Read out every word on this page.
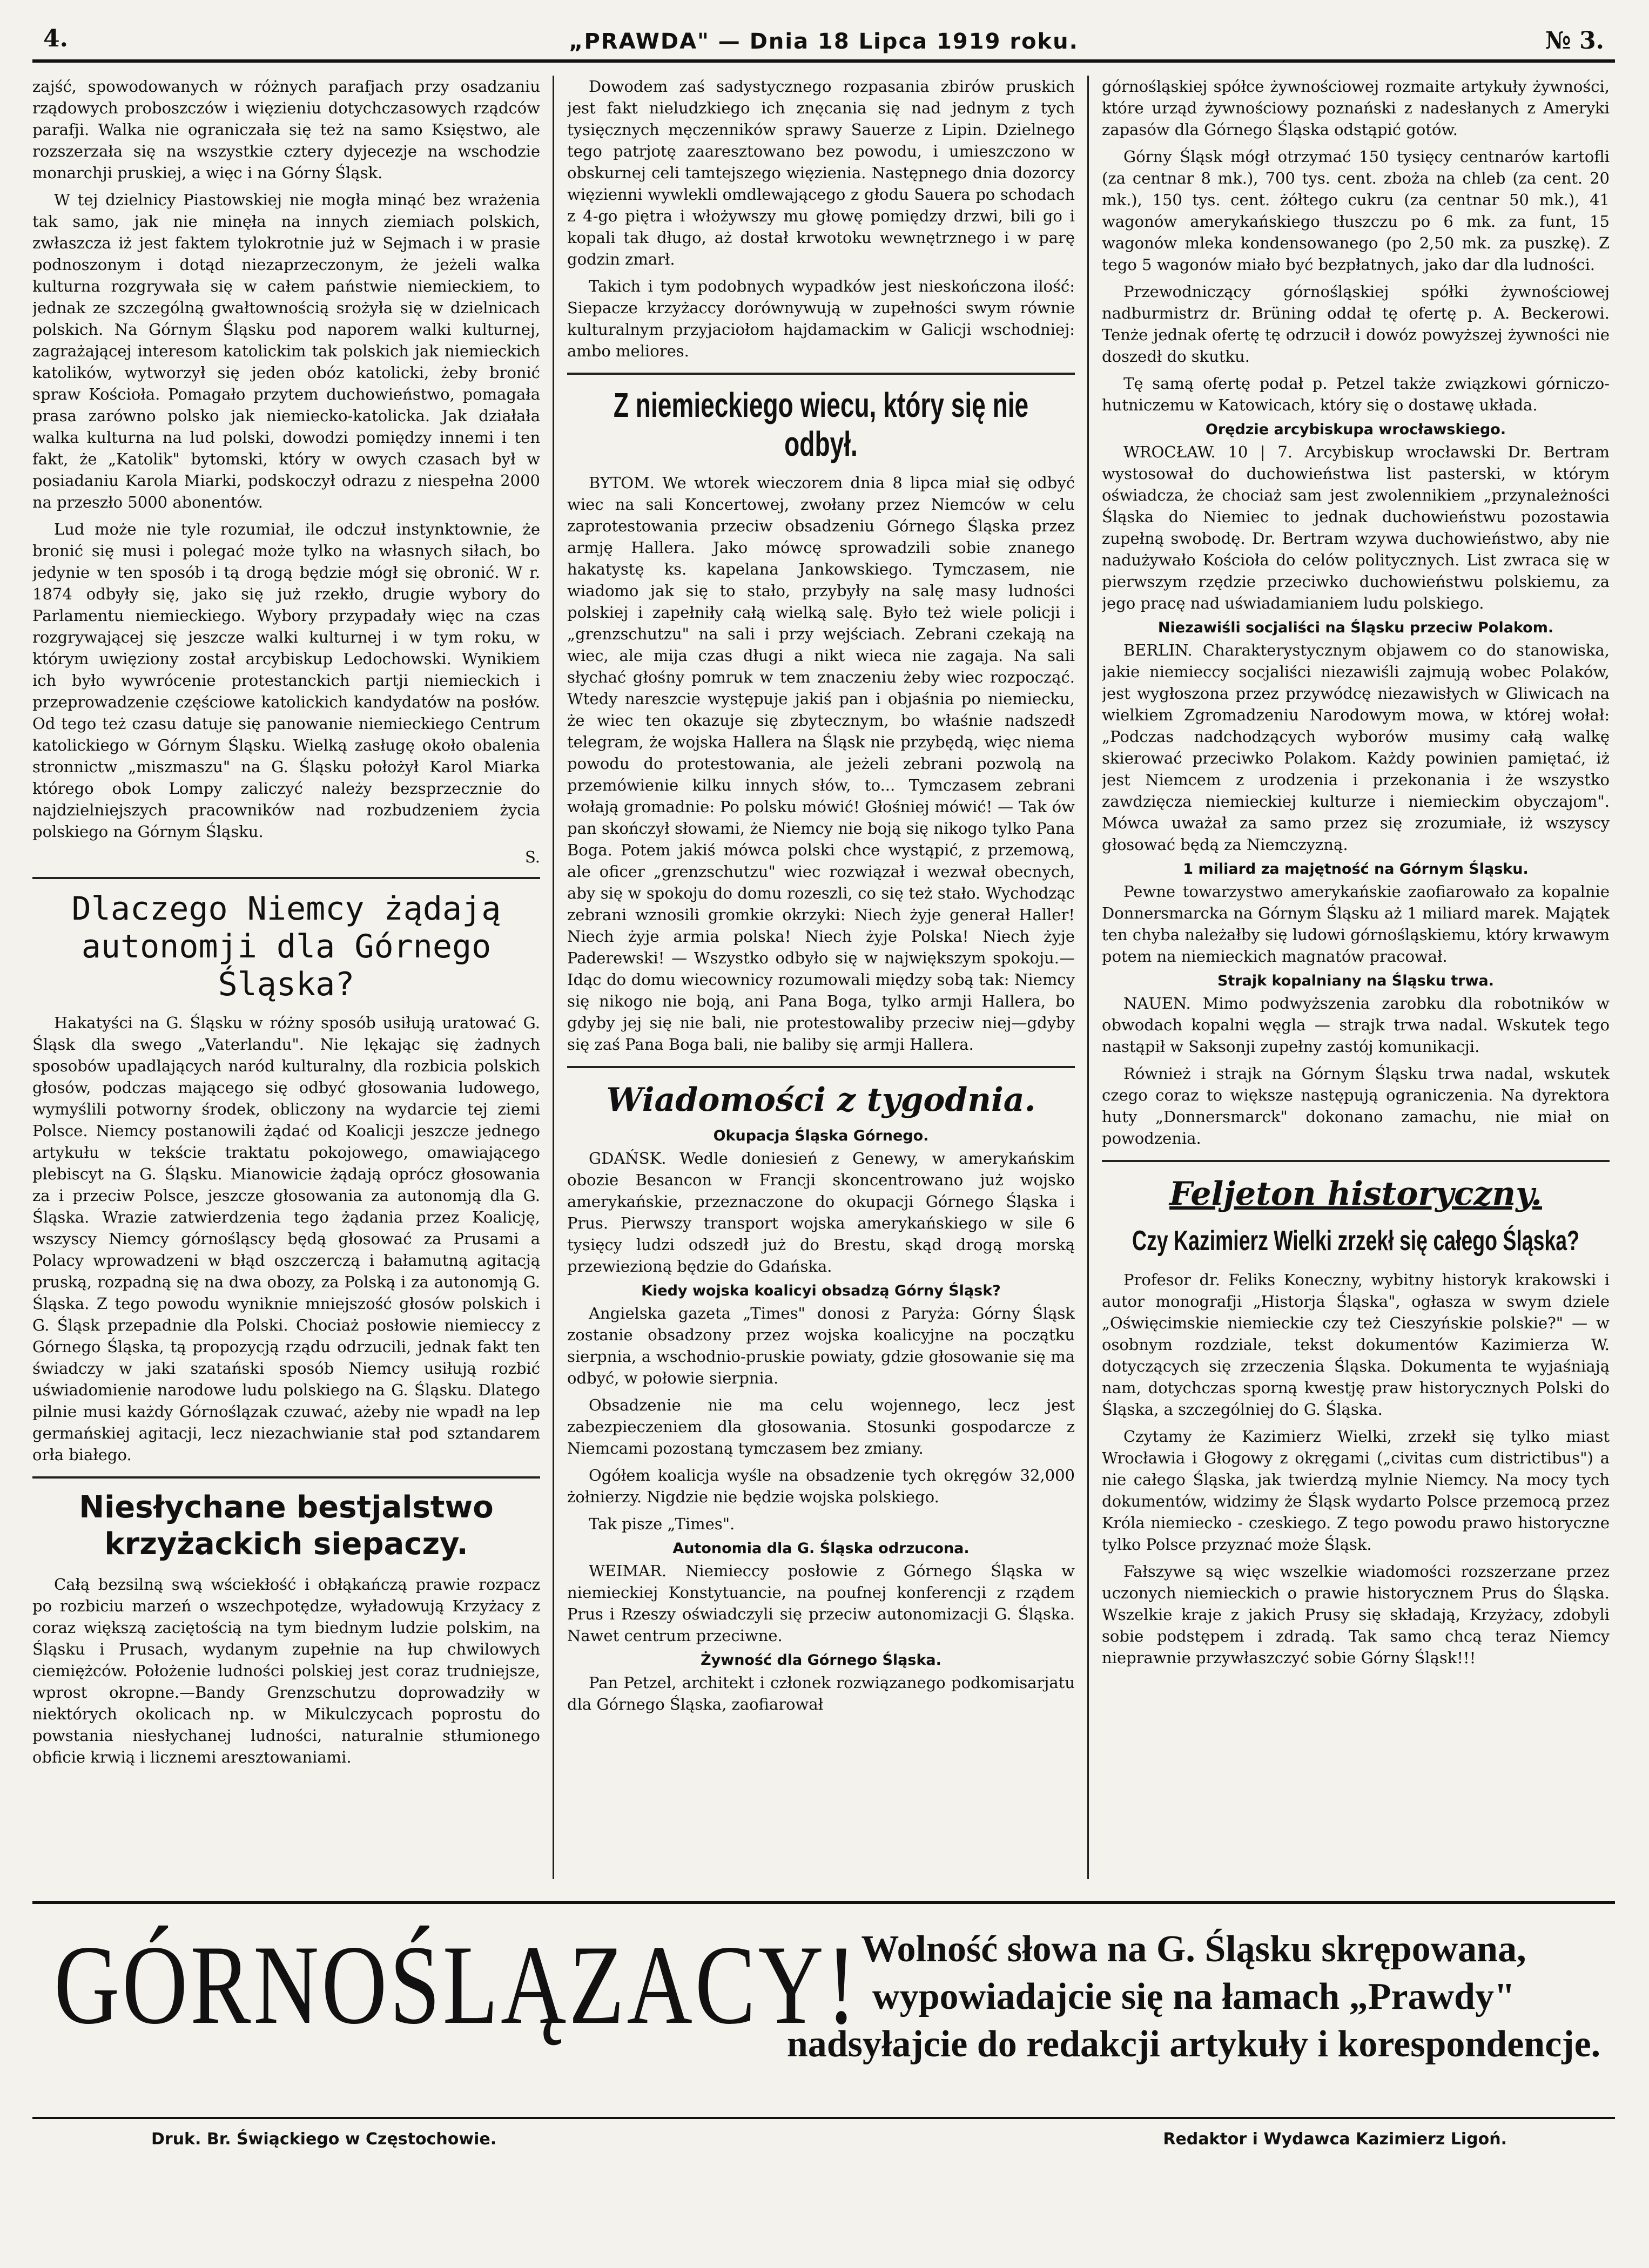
4.	„PRAWDA" — Dnia 18 Lipca 1919 roku.	№ 3.

zajść, spowodowanych w różnych parafjach przy osadzaniu rządowych proboszczów i więzieniu dotychczasowych rządców parafji. Walka nie ograniczała się też na samo Księstwo, ale rozszerzała się na wszystkie cztery dyjecezje na wschodzie monarchji pruskiej, a więc i na Górny Śląsk.

W tej dzielnicy Piastowskiej nie mogła minąć bez wrażenia tak samo, jak nie minęła na innych ziemiach polskich, zwłaszcza iż jest faktem tylokrotnie już w Sejmach i w prasie podnoszonym i dotąd niezaprzeczonym, że jeżeli walka kulturna rozgrywała się w całem państwie niemieckiem, to jednak ze szczególną gwałtownością srożyła się w dzielnicach polskich. Na Górnym Śląsku pod naporem walki kulturnej, zagrażającej interesom katolickim tak polskich jak niemieckich katolików, wytworzył się jeden obóz katolicki, żeby bronić spraw Kościoła. Pomagało przytem duchowieństwo, pomagała prasa zarówno polsko jak niemiecko-katolicka. Jak działała walka kulturna na lud polski, dowodzi pomiędzy innemi i ten fakt, że „Katolik" bytomski, który w owych czasach był w posiadaniu Karola Miarki, podskoczył odrazu z niespełna 2000 na przeszło 5000 abonentów.

Lud może nie tyle rozumiał, ile odczuł instynktownie, że bronić się musi i polegać może tylko na własnych siłach, bo jedynie w ten sposób i tą drogą będzie mógł się obronić. W r. 1874 odbyły się, jako się już rzekło, drugie wybory do Parlamentu niemieckiego. Wybory przypadały więc na czas rozgrywającej się jeszcze walki kulturnej i w tym roku, w którym uwięziony został arcybiskup Ledochowski. Wynikiem ich było wywrócenie protestanckich partji niemieckich i przeprowadzenie częściowe katolickich kandydatów na posłów. Od tego też czasu datuje się panowanie niemieckiego Centrum katolickiego w Górnym Śląsku. Wielką zasługę około obalenia stronnictw „miszmaszu" na G. Śląsku położył Karol Miarka którego obok Lompy zaliczyć należy bezsprzecznie do najdzielniejszych pracowników nad rozbudzeniem życia polskiego na Górnym Śląsku.

S.
Dlaczego Niemcy żądają autonomji dla Górnego Śląska?

Hakatyści na G. Śląsku w różny sposób usiłują uratować G. Śląsk dla swego „Vaterlandu". Nie lękając się żadnych sposobów upadlających naród kulturalny, dla rozbicia polskich głosów, podczas mającego się odbyć głosowania ludowego, wymyślili potworny środek, obliczony na wydarcie tej ziemi Polsce. Niemcy postanowili żądać od Koalicji jeszcze jednego artykułu w tekście traktatu pokojowego, omawiającego plebiscyt na G. Śląsku. Mianowicie żądają oprócz głosowania za i przeciw Polsce, jeszcze głosowania za autonomją dla G. Śląska. Wrazie zatwierdzenia tego żądania przez Koalicję, wszyscy Niemcy górnośląscy będą głosować za Prusami a Polacy wprowadzeni w błąd oszczerczą i bałamutną agitacją pruską, rozpadną się na dwa obozy, za Polską i za autonomją G. Śląska. Z tego powodu wyniknie mniejszość głosów polskich i G. Śląsk przepadnie dla Polski. Chociaż posłowie niemieccy z Górnego Śląska, tą propozycją rządu odrzucili, jednak fakt ten świadczy w jaki szatański sposób Niemcy usiłują rozbić uświadomienie narodowe ludu polskiego na G. Śląsku. Dlatego pilnie musi każdy Górnoślązak czuwać, ażeby nie wpadł na lep germańskiej agitacji, lecz niezachwianie stał pod sztandarem orła białego.

Niesłychane bestjalstwo krzyżackich siepaczy.

Całą bezsilną swą wściekłość i obłąkańczą prawie rozpacz po rozbiciu marzeń o wszechpotędze, wyładowują Krzyżacy z coraz większą zaciętością na tym biednym ludzie polskim, na Śląsku i Prusach, wydanym zupełnie na łup chwilowych ciemiężców. Położenie ludności polskiej jest coraz trudniejsze, wprost okropne.—Bandy Grenzschutzu doprowadziły w niektórych okolicach np. w Mikulczycach poprostu do powstania niesłychanej ludności, naturalnie stłumionego obficie krwią i licznemi aresztowaniami.

Dowodem zaś sadystycznego rozpasania zbirów pruskich jest fakt nieludzkiego ich znęcania się nad jednym z tych tysięcznych męczenników sprawy Sauerze z Lipin. Dzielnego tego patrjotę zaaresztowano bez powodu, i umieszczono w obskurnej celi tamtejszego więzienia. Następnego dnia dozorcy więzienni wywlekli omdlewającego z głodu Sauera po schodach z 4-go piętra i włożywszy mu głowę pomiędzy drzwi, bili go i kopali tak długo, aż dostał krwotoku wewnętrznego i w parę godzin zmarł.

Takich i tym podobnych wypadków jest nieskończona ilość: Siepacze krzyżaccy dorównywują w zupełności swym równie kulturalnym przyjaciołom hajdamackim w Galicji wschodniej: ambo meliores.

Z niemieckiego wiecu, który się nie odbył.

BYTOM. We wtorek wieczorem dnia 8 lipca miał się odbyć wiec na sali Koncertowej, zwołany przez Niemców w celu zaprotestowania przeciw obsadzeniu Górnego Śląska przez armję Hallera. Jako mówcę sprowadzili sobie znanego hakatystę ks. kapelana Jankowskiego. Tymczasem, nie wiadomo jak się to stało, przybyły na salę masy ludności polskiej i zapełniły całą wielką salę. Było też wiele policji i „grenzschutzu" na sali i przy wejściach. Zebrani czekają na wiec, ale mija czas długi a nikt wieca nie zagaja. Na sali słychać głośny pomruk w tem znaczeniu żeby wiec rozpocząć. Wtedy nareszcie występuje jakiś pan i objaśnia po niemiecku, że wiec ten okazuje się zbytecznym, bo właśnie nadszedł telegram, że wojska Hallera na Śląsk nie przybędą, więc niema powodu do protestowania, ale jeżeli zebrani pozwolą na przemówienie kilku innych słów, to... Tymczasem zebrani wołają gromadnie: Po polsku mówić! Głośniej mówić! — Tak ów pan skończył słowami, że Niemcy nie boją się nikogo tylko Pana Boga. Potem jakiś mówca polski chce wystąpić, z przemową, ale oficer „grenzschutzu" wiec rozwiązał i wezwał obecnych, aby się w spokoju do domu rozeszli, co się też stało. Wychodząc zebrani wznosili gromkie okrzyki: Niech żyje generał Haller! Niech żyje armia polska! Niech żyje Polska! Niech żyje Paderewski! — Wszystko odbyło się w największym spokoju.—Idąc do domu wiecownicy rozumowali między sobą tak: Niemcy się nikogo nie boją, ani Pana Boga, tylko armji Hallera, bo gdyby jej się nie bali, nie protestowaliby przeciw niej—gdyby się zaś Pana Boga bali, nie baliby się armji Hallera.

Wiadomości z tygodnia.
Okupacja Śląska Górnego.

GDAŃSK. Wedle doniesień z Genewy, w amerykańskim obozie Besancon w Francji skoncentrowano już wojsko amerykańskie, przeznaczone do okupacji Górnego Śląska i Prus. Pierwszy transport wojska amerykańskiego w sile 6 tysięcy ludzi odszedł już do Brestu, skąd drogą morską przewiezioną będzie do Gdańska.

Kiedy wojska koalicyi obsadzą Górny Śląsk?

Angielska gazeta „Times" donosi z Paryża: Górny Śląsk zostanie obsadzony przez wojska koalicyjne na początku sierpnia, a wschodnio-pruskie powiaty, gdzie głosowanie się ma odbyć, w połowie sierpnia.

Obsadzenie nie ma celu wojennego, lecz jest zabezpieczeniem dla głosowania. Stosunki gospodarcze z Niemcami pozostaną tymczasem bez zmiany.

Ogółem koalicja wyśle na obsadzenie tych okręgów 32,000 żołnierzy. Nigdzie nie będzie wojska polskiego.

Tak pisze „Times".

Autonomia dla G. Śląska odrzucona.

WEIMAR. Niemieccy posłowie z Górnego Śląska w niemieckiej Konstytuancie, na poufnej konferencji z rządem Prus i Rzeszy oświadczyli się przeciw autonomizacji G. Śląska. Nawet centrum przeciwne.

Żywność dla Górnego Śląska.

Pan Petzel, architekt i członek rozwiązanego podkomisarjatu dla Górnego Śląska, zaofiarował

górnośląskiej spółce żywnościowej rozmaite artykuły żywności, które urząd żywnościowy poznański z nadesłanych z Ameryki zapasów dla Górnego Śląska odstąpić gotów.

Górny Śląsk mógł otrzymać 150 tysięcy centnarów kartofli (za centnar 8 mk.), 700 tys. cent. zboża na chleb (za cent. 20 mk.), 150 tys. cent. żółtego cukru (za centnar 50 mk.), 41 wagonów amerykańskiego tłuszczu po 6 mk. za funt, 15 wagonów mleka kondensowanego (po 2,50 mk. za puszkę). Z tego 5 wagonów miało być bezpłatnych, jako dar dla ludności.

Przewodniczący górnośląskiej spółki żywnościowej nadburmistrz dr. Brüning oddał tę ofertę p. A. Beckerowi. Tenże jednak ofertę tę odrzucił i dowóz powyższej żywności nie doszedł do skutku.

Tę samą ofertę podał p. Petzel także związkowi górniczo-hutniczemu w Katowicach, który się o dostawę układa.

Orędzie arcybiskupa wrocławskiego.

WROCŁAW. 10 | 7. Arcybiskup wrocławski Dr. Bertram wystosował do duchowieństwa list pasterski, w którym oświadcza, że chociaż sam jest zwolennikiem „przynależności Śląska do Niemiec to jednak duchowieństwu pozostawia zupełną swobodę. Dr. Bertram wzywa duchowieństwo, aby nie nadużywało Kościoła do celów politycznych. List zwraca się w pierwszym rzędzie przeciwko duchowieństwu polskiemu, za jego pracę nad uświadamianiem ludu polskiego.

Niezawiśli socjaliści na Śląsku przeciw Polakom.

BERLIN. Charakterystycznym objawem co do stanowiska, jakie niemieccy socjaliści niezawiśli zajmują wobec Polaków, jest wygłoszona przez przywódcę niezawisłych w Gliwicach na wielkiem Zgromadzeniu Narodowym mowa, w której wołał: „Podczas nadchodzących wyborów musimy całą walkę skierować przeciwko Polakom. Każdy powinien pamiętać, iż jest Niemcem z urodzenia i przekonania i że wszystko zawdzięcza niemieckiej kulturze i niemieckim obyczajom". Mówca uważał za samo przez się zrozumiałe, iż wszyscy głosować będą za Niemczyzną.

1 miliard za majętność na Górnym Śląsku.

Pewne towarzystwo amerykańskie zaofiarowało za kopalnie Donnersmarcka na Górnym Śląsku aż 1 miliard marek. Majątek ten chyba należałby się ludowi górnośląskiemu, który krwawym potem na niemieckich magnatów pracował.

Strajk kopalniany na Śląsku trwa.

NAUEN. Mimo podwyższenia zarobku dla robotników w obwodach kopalni węgla — strajk trwa nadal. Wskutek tego nastąpił w Saksonji zupełny zastój komunikacji.

Również i strajk na Górnym Śląsku trwa nadal, wskutek czego coraz to większe następują ograniczenia. Na dyrektora huty „Donnersmarck" dokonano zamachu, nie miał on powodzenia.

Feljeton historyczny.
Czy Kazimierz Wielki zrzekł się całego Śląska?

Profesor dr. Feliks Koneczny, wybitny historyk krakowski i autor monografji „Historja Śląska", ogłasza w swym dziele „Oświęcimskie niemieckie czy też Cieszyńskie polskie?" — w osobnym rozdziale, tekst dokumentów Kazimierza W. dotyczących się zrzeczenia Śląska. Dokumenta te wyjaśniają nam, dotychczas sporną kwestję praw historycznych Polski do Śląska, a szczególniej do G. Śląska.

Czytamy że Kazimierz Wielki, zrzekł się tylko miast Wrocławia i Głogowy z okręgami („civitas cum districtibus") a nie całego Śląska, jak twierdzą mylnie Niemcy. Na mocy tych dokumentów, widzimy że Śląsk wydarto Polsce przemocą przez Króla niemiecko - czeskiego. Z tego powodu prawo historyczne tylko Polsce przyznać może Śląsk.

Fałszywe są więc wszelkie wiadomości rozszerzane przez uczonych niemieckich o prawie historycznem Prus do Śląska. Wszelkie kraje z jakich Prusy się składają, Krzyżacy, zdobyli sobie podstępem i zdradą. Tak samo chcą teraz Niemcy nieprawnie przywłaszczyć sobie Górny Śląsk!!!

GÓRNOŚLĄZACY! Wolność słowa na G. Śląsku skrępowana,
wypowiadajcie się na łamach „Prawdy"
nadsyłajcie do redakcji artykuły i korespondencje.
Druk. Br. Świąckiego w Częstochowie.	Redaktor i Wydawca Kazimierz Ligoń.
